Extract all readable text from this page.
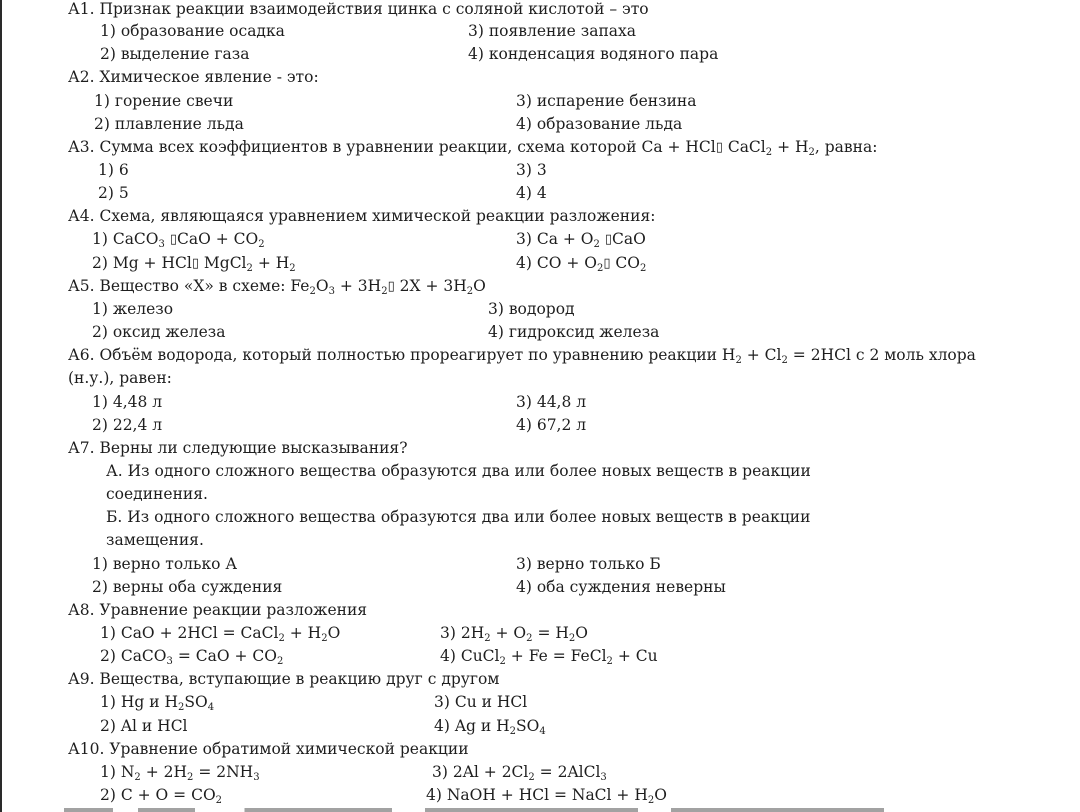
А1. Признак реакции взаимодействия цинка с соляной кислотой – это
1) образование осадка	3) появление запаха
2) выделение газа	4) конденсация водяного пара
А2. Химическое явление - это:
1) горение свечи	3) испарение бензина
2) плавление льда	4) образование льда
А3. Сумма всех коэффициентов в уравнении реакции, схема которой Ca + HCl▯ CaCl$_2$ + $H_2$, равна:
1) 6	3) 3
2) 5	4) 4
А4. Схема, являющаяся уравнением химической реакции разложения:
1) CaCO$_3$ ▯CaO + $CO_2$	3) $Ca + O_2$ ▯CaO
2) Mg + HCl▯ MgCl$_2$ + $H_2$	4) CO + $O_2▯$ $CO_2$
А5. Вещество «Х» в схеме: $Fe_2O_3$ + $3H_2▯$ $2X + 3H_2O$
1) железо	3) водород
2) оксид железа	4) гидроксид железа
А6. Объём водорода, который полностью прореагирует по уравнению реакции $H_2 + Cl_2 = 2HCl$ с 2 моль хлора
(н.у.), равен:
1) 4,48 л	3) 44,8 л
2) 22,4 л	4) 67,2 л
А7. Верны ли следующие высказывания?
А. Из одного сложного вещества образуются два или более новых веществ в реакции
соединения.
Б. Из одного сложного вещества образуются два или более новых веществ в реакции
замещения.
1) верно только А	3) верно только Б
2) верны оба суждения	4) оба суждения неверны
А8. Уравнение реакции разложения
1) CaO + 2HCl = CaCl$_2$ + $H_2O$	3) $2H_2 + O_2 = H_2O$
2) CaCO$_3$ = CaO + $CO_2$	4) CuCl$_2$ + Fe = FeCl$_2$ + Cu
А9. Вещества, вступающие в реакцию друг с другом
1) Hg и $H_2SO_4$	3) Cu и HCl
2) Al и HCl	4) Ag и $H_2SO_4$
А10. Уравнение обратимой химической реакции
1) $N_2 + 2H_2 = 2NH_3$	3) $2Al + 2Cl_2$ = 2AlCl$_3$
2) $C + O = CO_2$	4) NaOH + HCl = NaCl + $H_2O$
